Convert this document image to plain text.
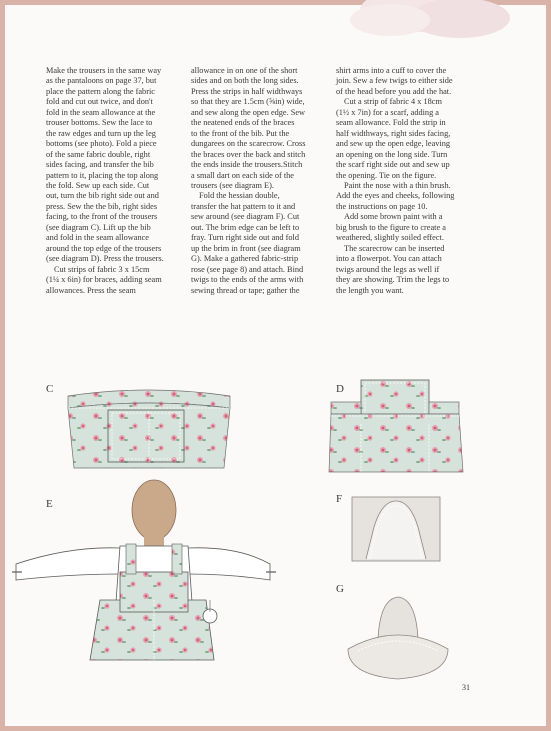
Make the trousers in the same way

as the pantaloons on page 37, but

place the pattern along the fabric

fold and cut out twice, and don't

fold in the seam allowance at the

trouser bottoms. Sew the lace to

the raw edges and turn up the leg

bottoms (see photo). Fold a piece

of the same fabric double, right

sides facing, and transfer the bib

pattern to it, placing the top along

the fold. Sew up each side. Cut

out, turn the bib right side out and

press. Sew the the bib, right sides

facing, to the front of the trousers

(see diagram C). Lift up the bib

and fold in the seam allowance

around the top edge of the trousers

(see diagram D). Press the trousers.

Cut strips of fabric 3 x 15cm

(1¼ x 6in) for braces, adding seam

allowances. Press the seam

allowance in on one of the short

sides and on both the long sides.

Press the strips in half widthways

so that they are 1.5cm (⅝in) wide,

and sew along the open edge. Sew

the neatened ends of the braces

to the front of the bib. Put the

dungarees on the scarecrow. Cross

the braces over the back and stitch

the ends inside the trousers.Stitch

a small dart on each side of the

trousers (see diagram E).

Fold the hessian double,

transfer the hat pattern to it and

sew around (see diagram F). Cut

out. The brim edge can be left to

fray. Turn right side out and fold

up the brim in front (see diagram

G). Make a gathered fabric-strip

rose (see page 8) and attach. Bind

twigs to the ends of the arms with

sewing thread or tape; gather the

shirt arms into a cuff to cover the

join. Sew a few twigs to either side

of the head before you add the hat.

Cut a strip of fabric 4 x 18cm

(1½ x 7in) for a scarf, adding a

seam allowance. Fold the strip in

half widthways, right sides facing,

and sew up the open edge, leaving

an opening on the long side. Turn

the scarf right side out and sew up

the opening. Tie on the figure.

Paint the nose with a thin brush.

Add the eyes and cheeks, following

the instructions on page 10.

Add some brown paint with a

big brush to the figure to create a

weathered, slightly soiled effect.

The scarecrow can be inserted

into a flowerpot. You can attach

twigs around the legs as well if

they are showing. Trim the legs to

the length you want.

C	D
E	F
G
31
